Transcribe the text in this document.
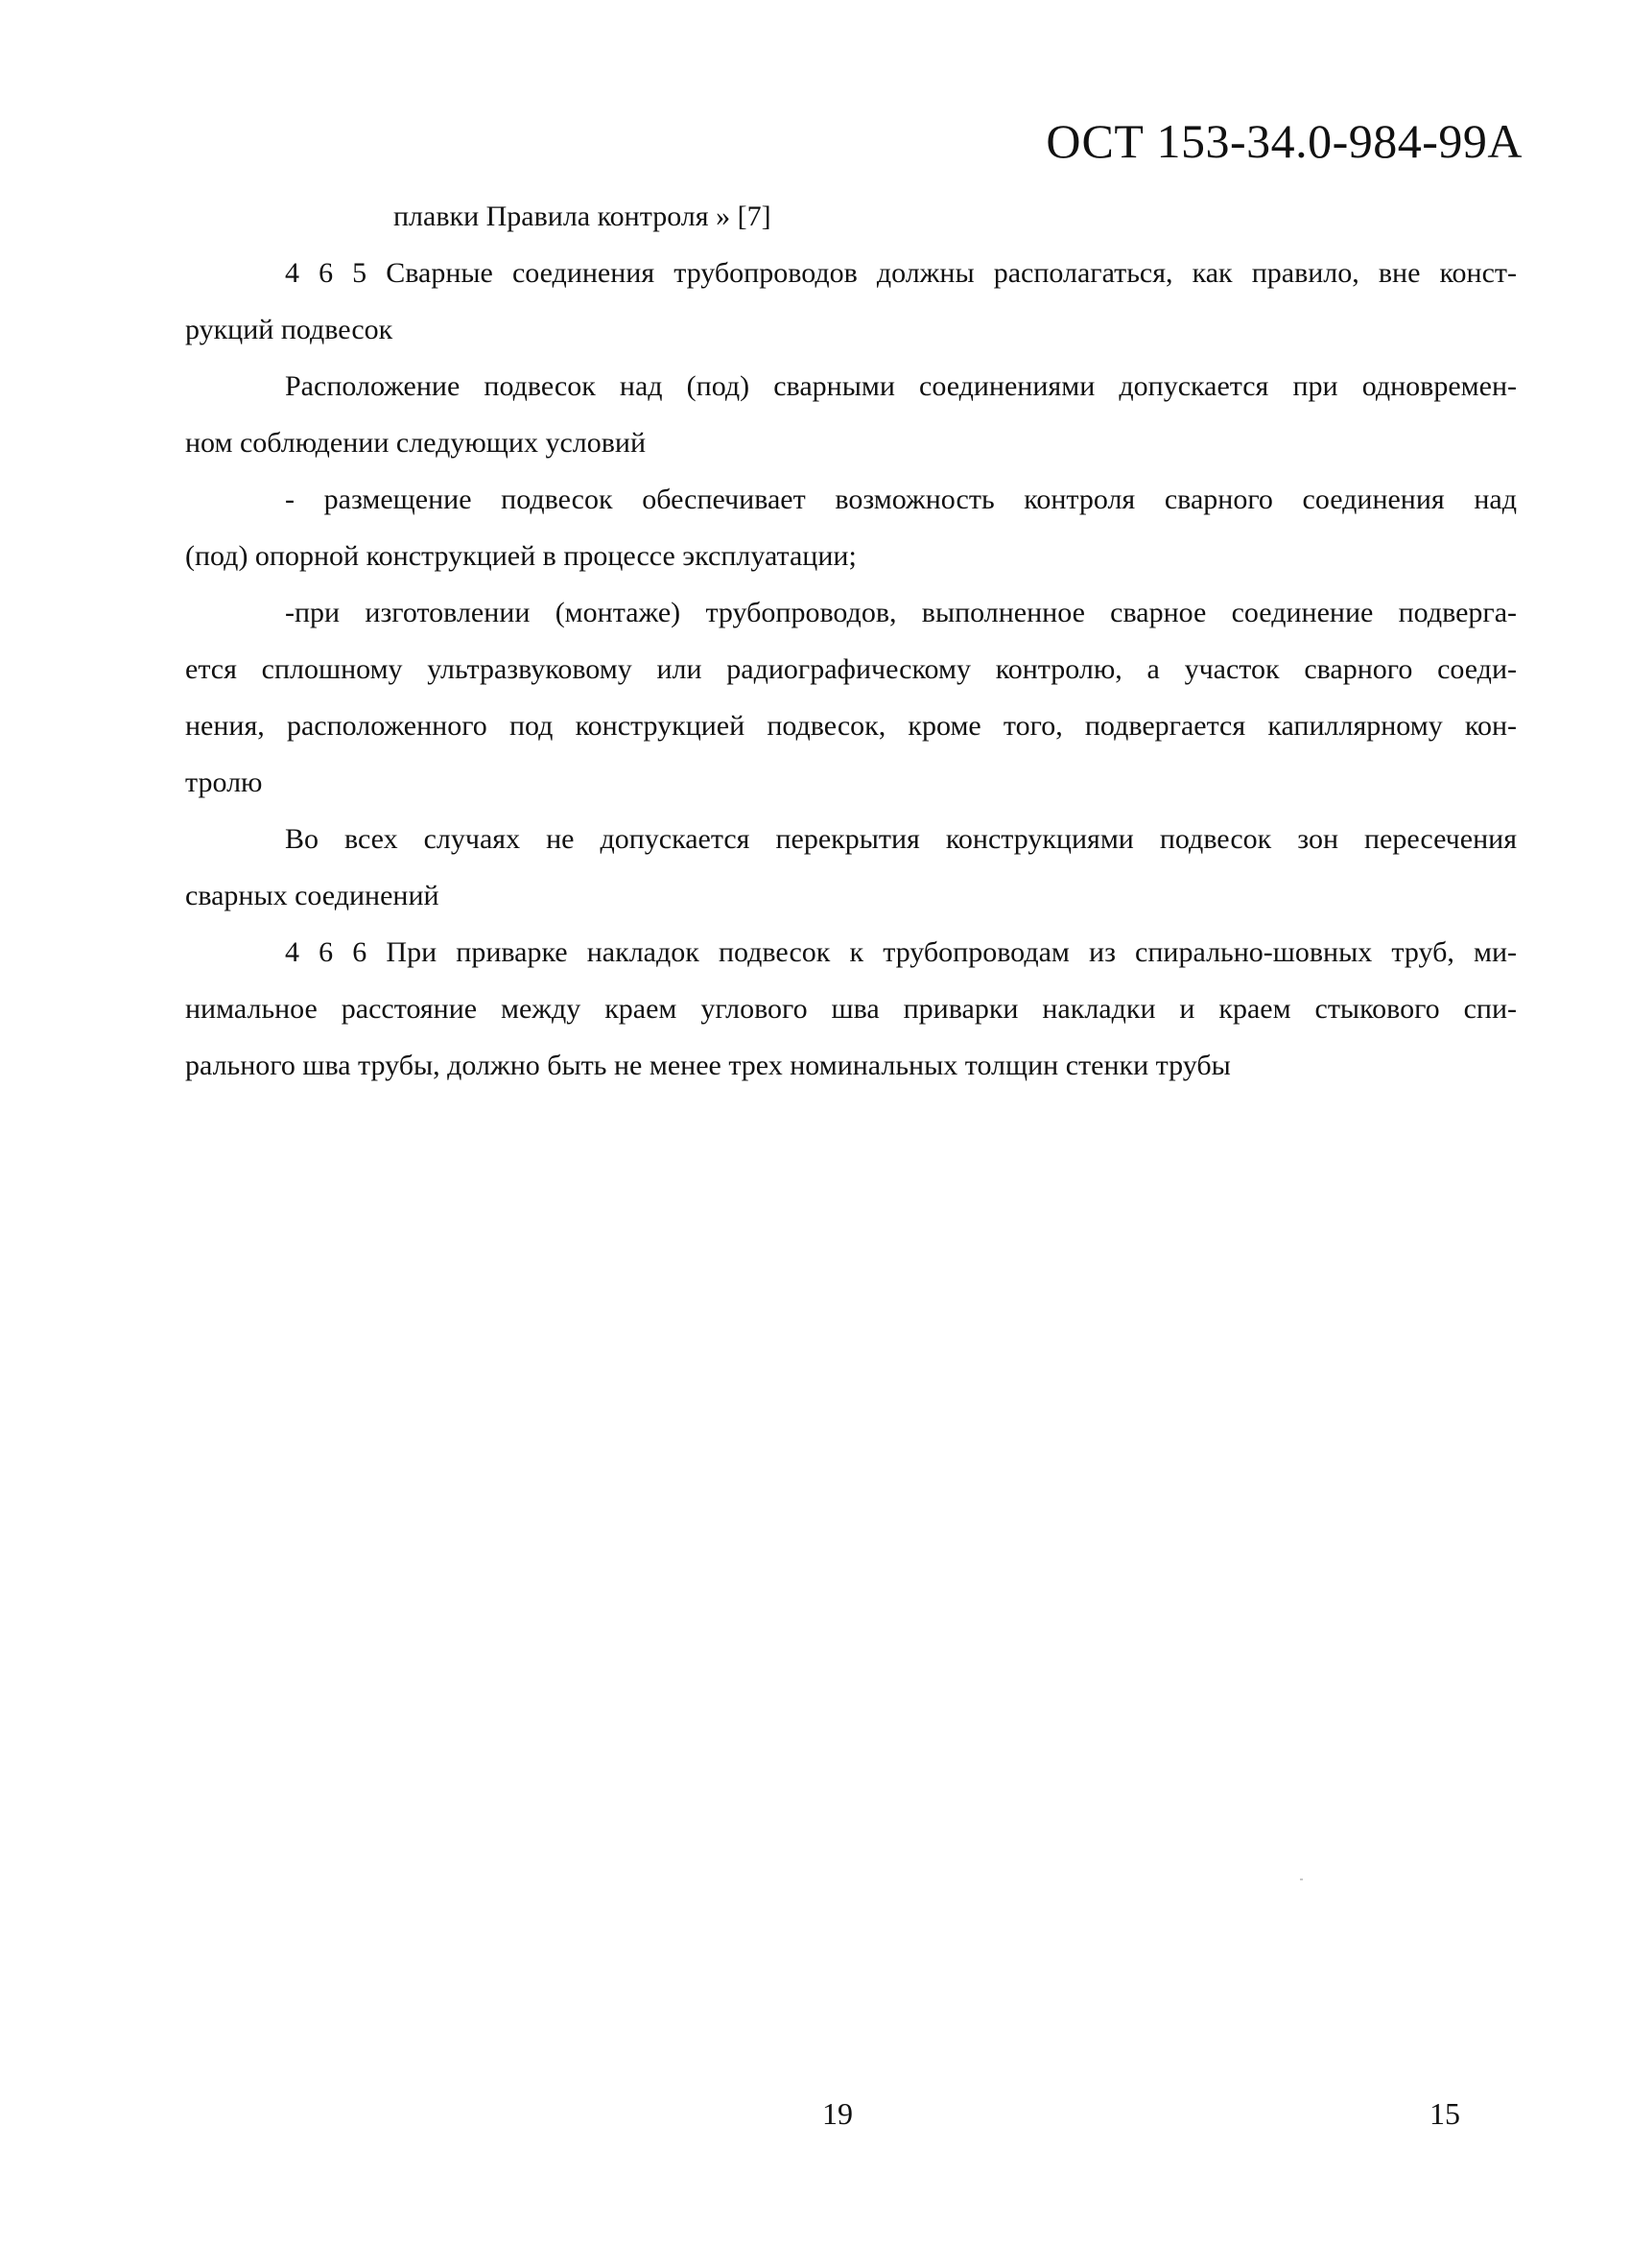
ОСТ 153-34.0-984-99А
плавки Правила контроля » [7]
4 6 5 Сварные соединения трубопроводов должны располагаться, как правило, вне конст-
рукций подвесок
Расположение подвесок над (под) сварными соединениями допускается при одновремен-
ном соблюдении следующих условий
- размещение подвесок обеспечивает возможность контроля сварного соединения над
(под) опорной конструкцией в процессе эксплуатации;
-при изготовлении (монтаже) трубопроводов, выполненное сварное соединение подверга-
ется сплошному ультразвуковому или радиографическому контролю, а участок сварного соеди-
нения, расположенного под конструкцией подвесок, кроме того, подвергается капиллярному кон-
тролю
Во всех случаях не допускается перекрытия конструкциями подвесок зон пересечения
сварных соединений
4 6 6 При приварке накладок подвесок к трубопроводам из спирально-шовных труб, ми-
нимальное расстояние между краем углового шва приварки накладки и краем стыкового спи-
рального шва трубы, должно быть не менее трех номинальных толщин стенки трубы
19	15
